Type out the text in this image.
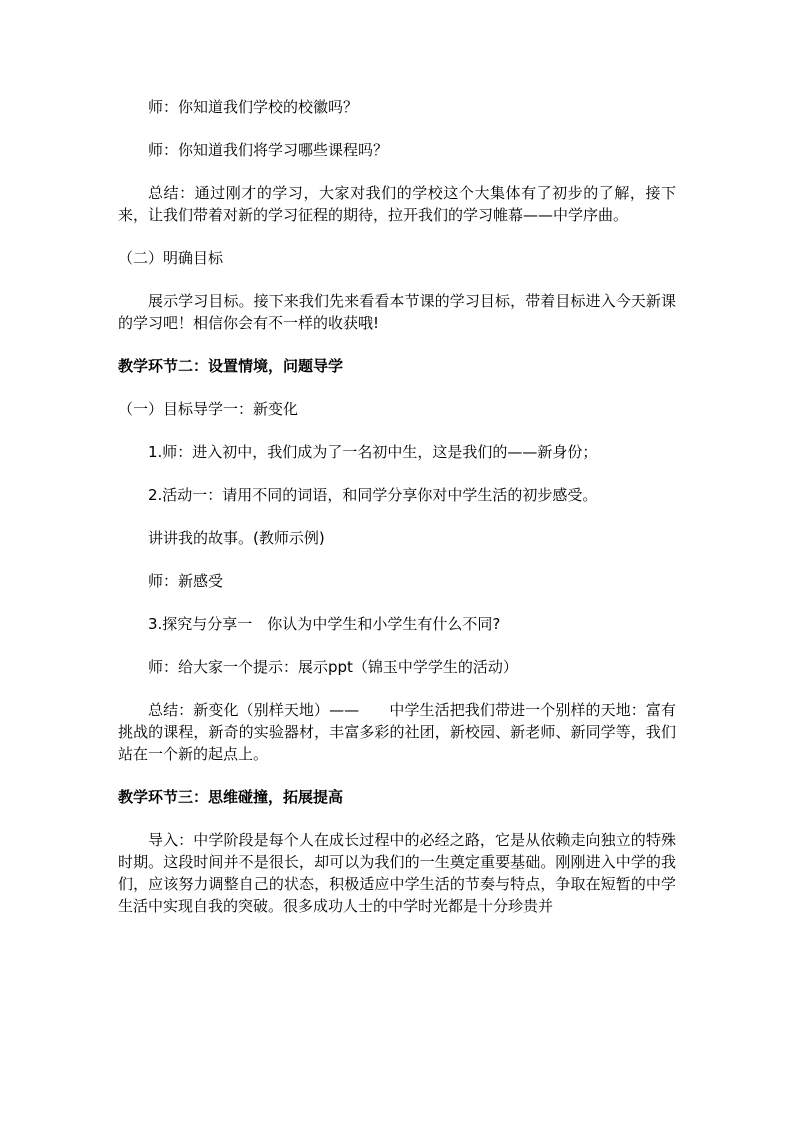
师：你知道我们学校的校徽吗？

师：你知道我们将学习哪些课程吗？

总结：通过刚才的学习，大家对我们的学校这个大集体有了初步的了解，接下来，让我们带着对新的学习征程的期待，拉开我们的学习帷幕——中学序曲。

（二）明确目标

展示学习目标。接下来我们先来看看本节课的学习目标，带着目标进入今天新课的学习吧！相信你会有不一样的收获哦!

教学环节二：设置情境，问题导学

（一）目标导学一：新变化

1.师：进入初中，我们成为了一名初中生，这是我们的——新身份；

2.活动一：请用不同的词语，和同学分享你对中学生活的初步感受。

讲讲我的故事。(教师示例)

师：新感受

3.探究与分享一　你认为中学生和小学生有什么不同?

师：给大家一个提示：展示ppt（锦玉中学学生的活动）

总结：新变化（别样天地）——　　中学生活把我们带进一个别样的天地：富有挑战的课程，新奇的实验器材，丰富多彩的社团，新校园、新老师、新同学等，我们站在一个新的起点上。

教学环节三：思维碰撞，拓展提高

导入：中学阶段是每个人在成长过程中的必经之路，它是从依赖走向独立的特殊时期。这段时间并不是很长，却可以为我们的一生奠定重要基础。刚刚进入中学的我们，应该努力调整自己的状态，积极适应中学生活的节奏与特点，争取在短暂的中学生活中实现自我的突破。很多成功人士的中学时光都是十分珍贵并
